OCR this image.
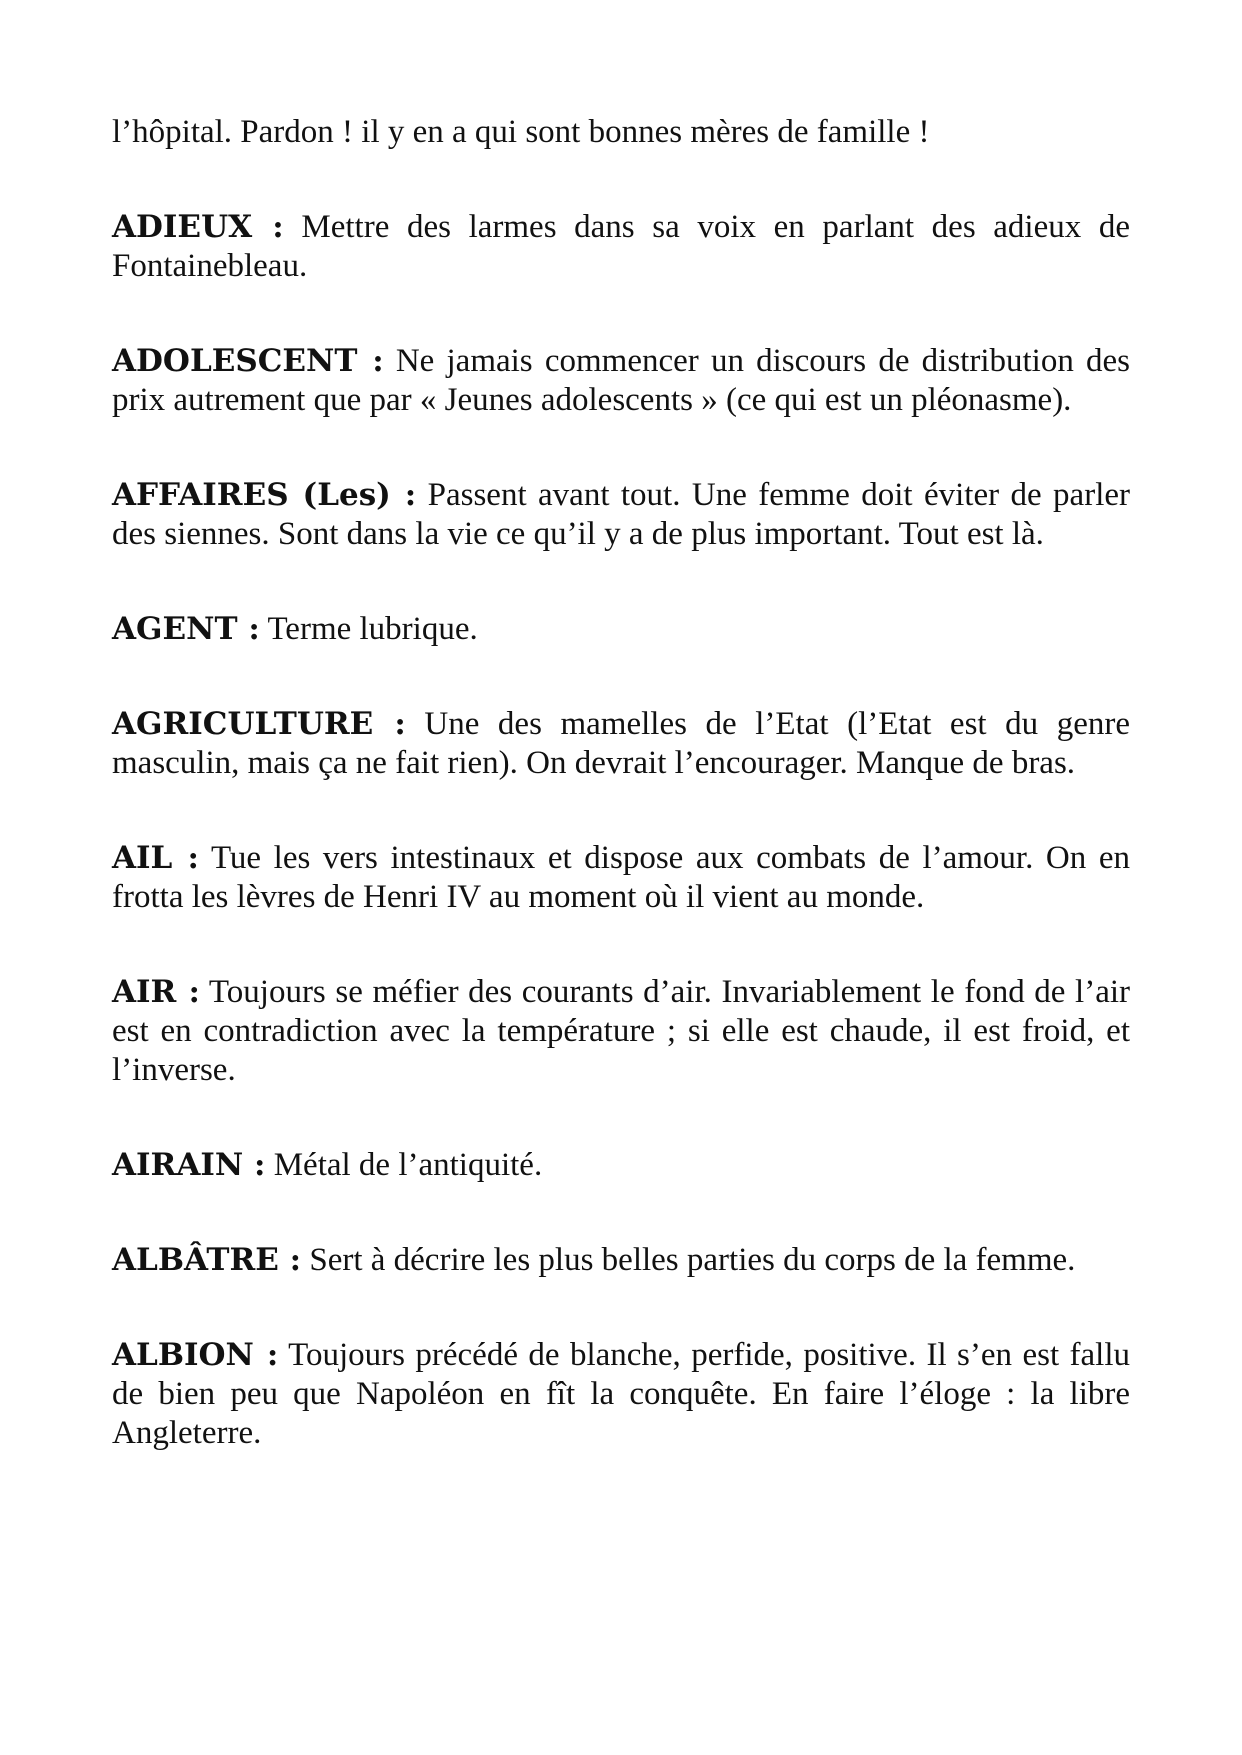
l’hôpital. Pardon ! il y en a qui sont bonnes mères de famille !

ADIEUX : Mettre des larmes dans sa voix en parlant des adieux de Fontainebleau.

ADOLESCENT : Ne jamais commencer un discours de distribution des prix autrement que par « Jeunes adolescents » (ce qui est un pléonasme).

AFFAIRES (Les) : Passent avant tout. Une femme doit éviter de parler des siennes. Sont dans la vie ce qu’il y a de plus important. Tout est là.

AGENT : Terme lubrique.

AGRICULTURE : Une des mamelles de l’Etat (l’Etat est du genre masculin, mais ça ne fait rien). On devrait l’encourager. Manque de bras.

AIL : Tue les vers intestinaux et dispose aux combats de l’amour. On en frotta les lèvres de Henri IV au moment où il vient au monde.

AIR : Toujours se méfier des courants d’air. Invariablement le fond de l’air est en contradiction avec la température ; si elle est chaude, il est froid, et l’inverse.

AIRAIN : Métal de l’antiquité.

ALBÂTRE : Sert à décrire les plus belles parties du corps de la femme.

ALBION : Toujours précédé de blanche, perfide, positive. Il s’en est fallu de bien peu que Napoléon en fît la conquête. En faire l’éloge : la libre Angleterre.
